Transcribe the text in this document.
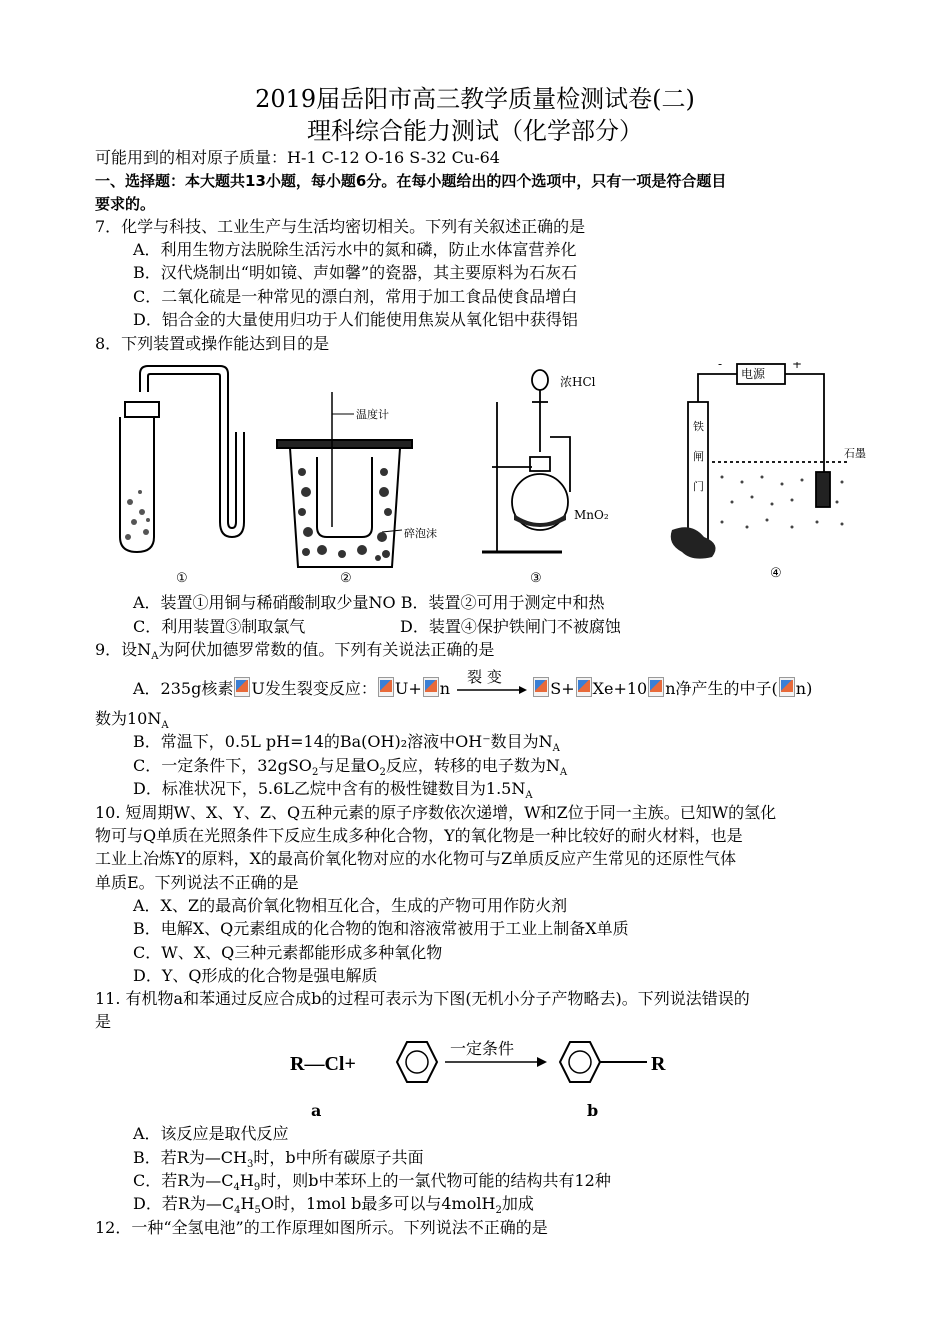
2019届岳阳市高三教学质量检测试卷(二)
理科综合能力测试（化学部分）
可能用到的相对原子质量：H-1 C-12 O-16 S-32 Cu-64
一、选择题：本大题共13小题，每小题6分。在每小题给出的四个选项中，只有一项是符合题目
要求的。
7．化学与科技、工业生产与生活均密切相关。下列有关叙述正确的是
A．利用生物方法脱除生活污水中的氮和磷，防止水体富营养化
B．汉代烧制出“明如镜、声如馨”的瓷器，其主要原料为石灰石
C．二氧化硫是一种常见的漂白剂，常用于加工食品使食品增白
D．铝合金的大量使用归功于人们能使用焦炭从氧化铝中获得铝
8．下列装置或操作能达到目的是
①
温度计
碎泡沫
②
浓HCl
MnO₂
③
-
电源
+
铁
闸
门
石墨
④
A．装置①用铜与稀硝酸制取少量NO B．装置②可用于测定中和热
C．利用装置③制取氯气	D．装置④保护铁闸门不被腐蚀
9．设$N_A$为阿伏加德罗常数的值。下列有关说法正确的是
A．235g核素 U发生裂变反应： U+ n
裂 变
S+ Xe+10 n净产生的中子( n)
数为$10N_A$
B．常温下，0.5L pH=14的Ba(OH)₂溶液中OH⁻数目为$N_A$
C．一定条件下，32gSO$_2$与足量$O_2$反应，转移的电子数为$N_A$
D．标准状况下，5.6L乙烷中含有的极性键数目为$1.5N_A$
10. 短周期W、X、Y、Z、Q五种元素的原子序数依次递增，W和Z位于同一主族。已知W的氢化
物可与Q单质在光照条件下反应生成多种化合物，Y的氧化物是一种比较好的耐火材料，也是
工业上冶炼Y的原料，X的最高价氧化物对应的水化物可与Z单质反应产生常见的还原性气体
单质E。下列说法不正确的是
A．X、Z的最高价氧化物相互化合，生成的产物可用作防火剂
B．电解X、Q元素组成的化合物的饱和溶液常被用于工业上制备X单质
C．W、X、Q三种元素都能形成多种氧化物
D．Y、Q形成的化合物是强电解质
11. 有机物a和苯通过反应合成b的过程可表示为下图(无机小分子产物略去)。下列说法错误的
是
R—Cl+
一定条件
R
a	b
A．该反应是取代反应
B．若R为$—CH_3$时，b中所有碳原子共面
C．若R为$—C_4H_9$时，则b中苯环上的一氯代物可能的结构共有12种
D．若R为$—C_4H_5O$时，1mol b最多可以与4molH$_2$加成
12．一种“全氢电池”的工作原理如图所示。下列说法不正确的是
